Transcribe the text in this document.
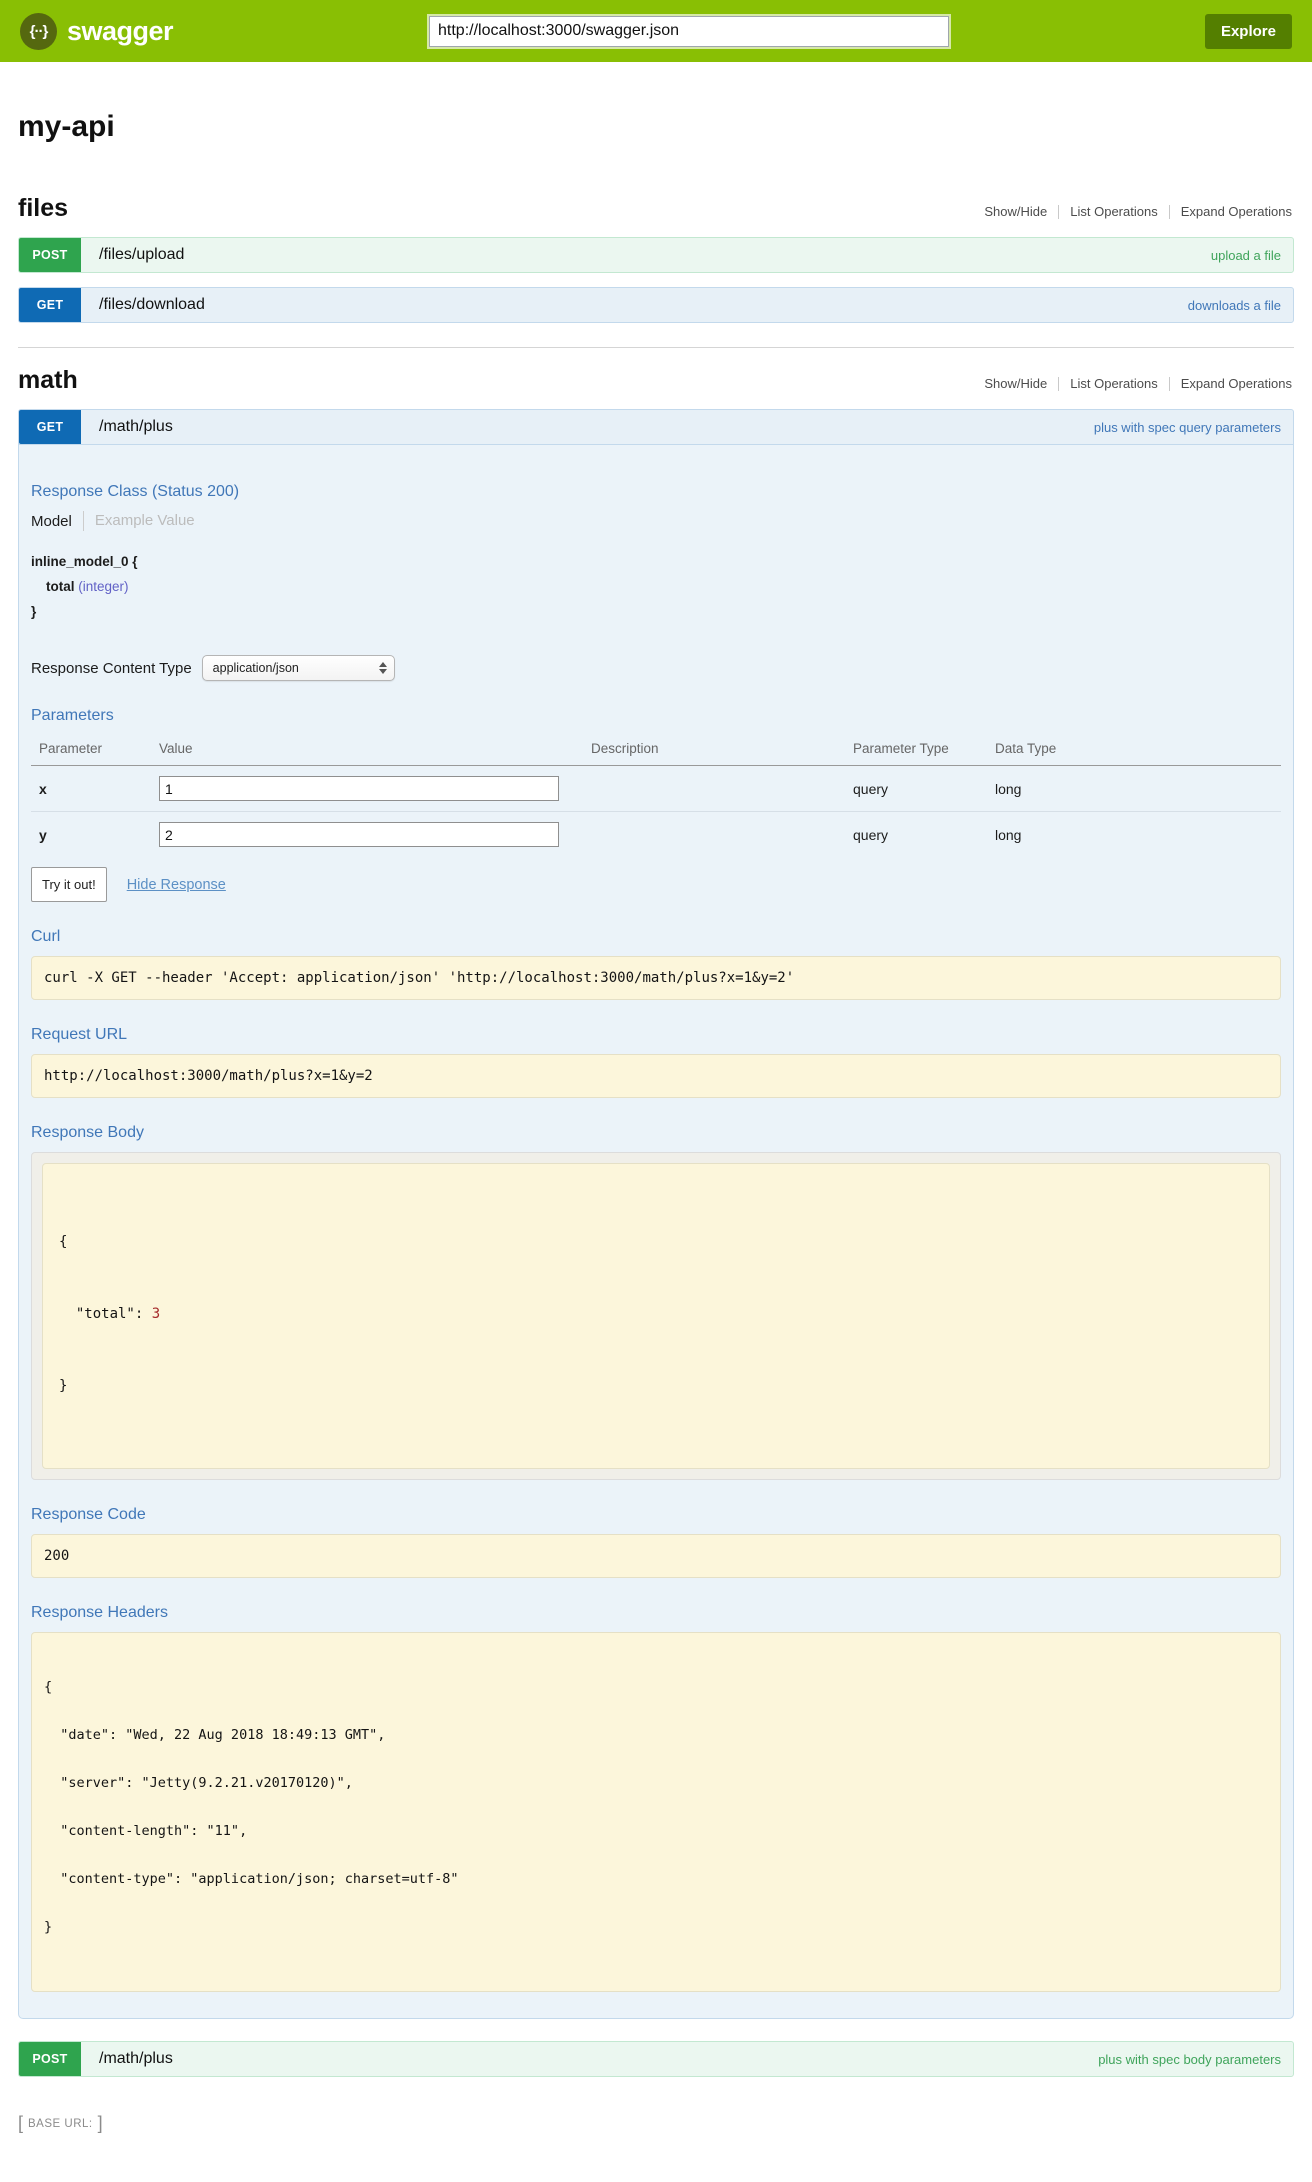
{··} swagger
http://localhost:3000/swagger.json	Explore
my-api
files	Show/Hide	List Operations	Expand Operations
POST	/files/upload	upload a file
GET	/files/download	downloads a file
math	Show/Hide	List Operations	Expand Operations
GET	/math/plus	plus with spec query parameters
Response Class (Status 200)
Model	Example Value
inline_model_0 {
total (integer)
}
Response Content Type application/json
Parameters
Parameter	Value	Description	Parameter Type	Data Type
x	1		query	long
y	2		query	long
Try it out!	Hide Response
Curl
curl -X GET --header 'Accept: application/json' 'http://localhost:3000/math/plus?x=1&y=2'
Request URL
http://localhost:3000/math/plus?x=1&y=2
Response Body

{

"total": 3

}

Response Code
200
Response Headers

{

"date": "Wed, 22 Aug 2018 18:49:13 GMT",

"server": "Jetty(9.2.21.v20170120)",

"content-length": "11",

"content-type": "application/json; charset=utf-8"

}

POST	/math/plus	plus with spec body parameters
[ BASE URL: ]
